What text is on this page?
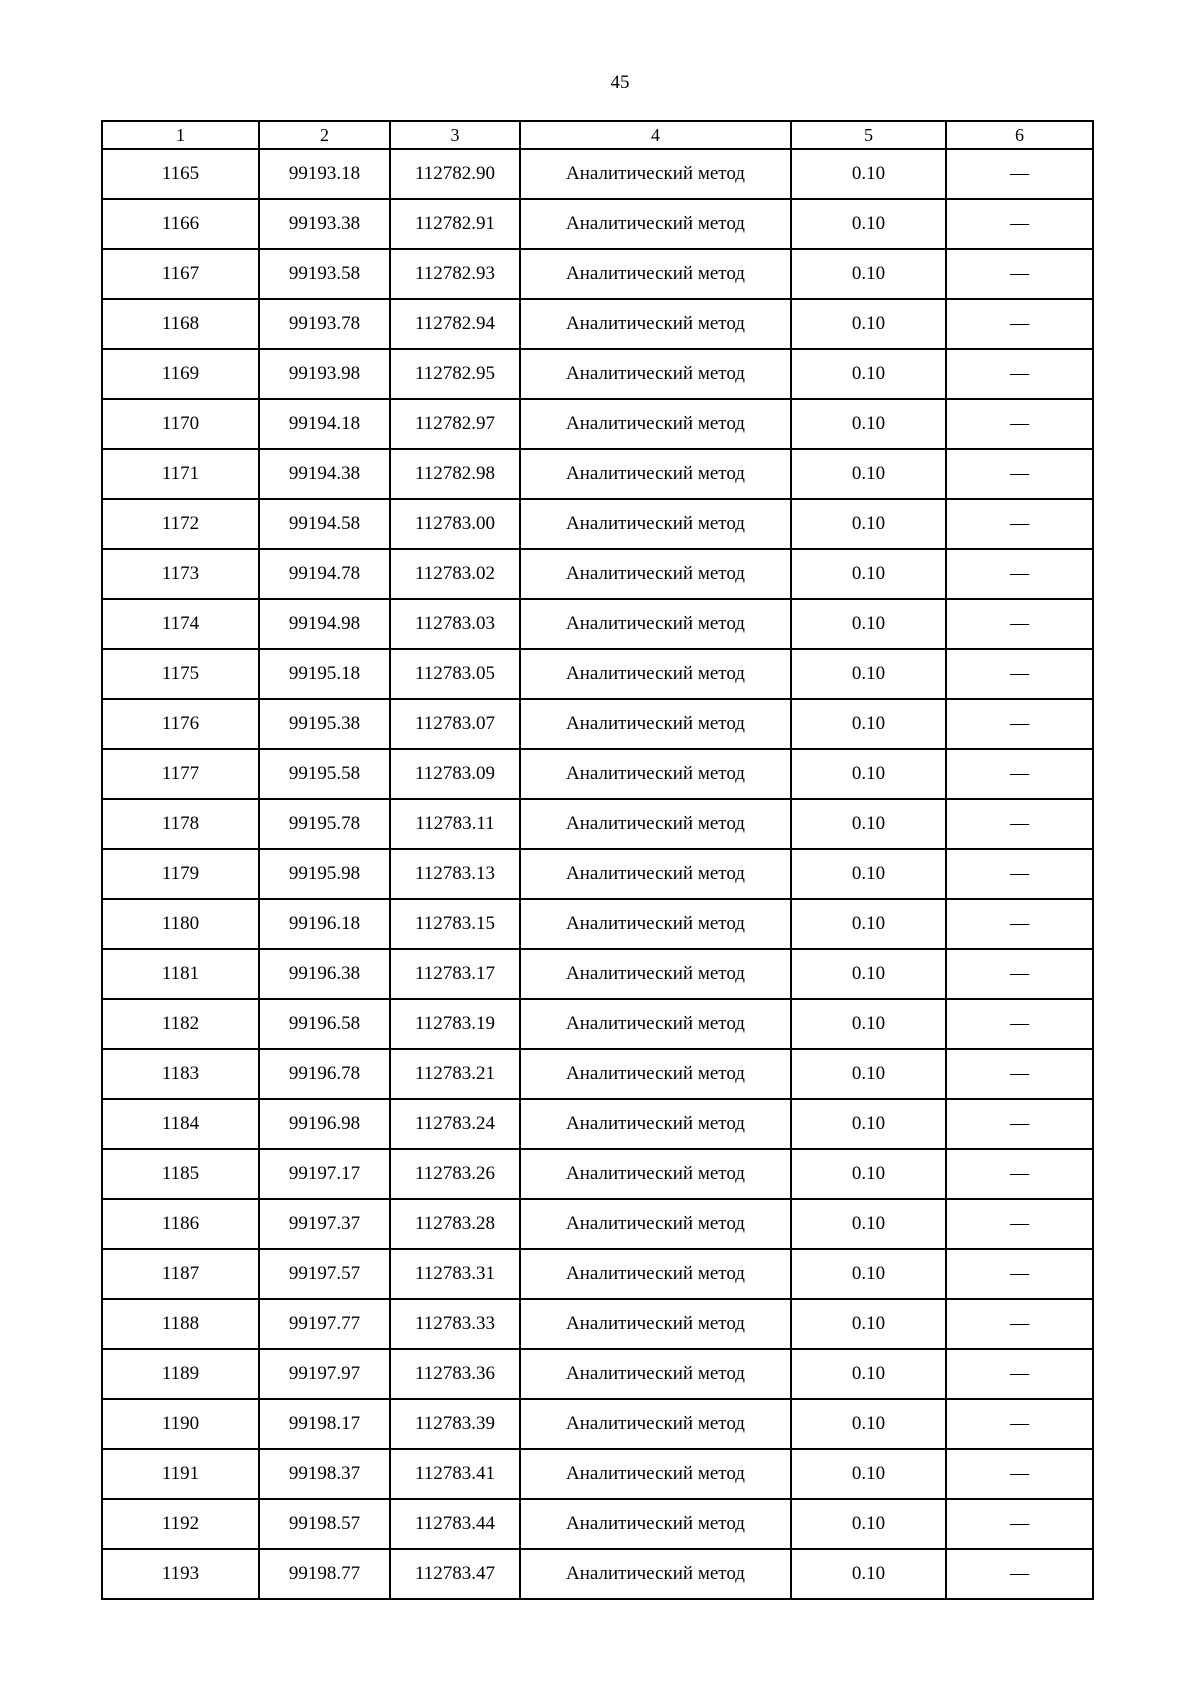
45
1	2	3	4	5	6
1165	99193.18	112782.90	Аналитический метод	0.10	—
1166	99193.38	112782.91	Аналитический метод	0.10	—
1167	99193.58	112782.93	Аналитический метод	0.10	—
1168	99193.78	112782.94	Аналитический метод	0.10	—
1169	99193.98	112782.95	Аналитический метод	0.10	—
1170	99194.18	112782.97	Аналитический метод	0.10	—
1171	99194.38	112782.98	Аналитический метод	0.10	—
1172	99194.58	112783.00	Аналитический метод	0.10	—
1173	99194.78	112783.02	Аналитический метод	0.10	—
1174	99194.98	112783.03	Аналитический метод	0.10	—
1175	99195.18	112783.05	Аналитический метод	0.10	—
1176	99195.38	112783.07	Аналитический метод	0.10	—
1177	99195.58	112783.09	Аналитический метод	0.10	—
1178	99195.78	112783.11	Аналитический метод	0.10	—
1179	99195.98	112783.13	Аналитический метод	0.10	—
1180	99196.18	112783.15	Аналитический метод	0.10	—
1181	99196.38	112783.17	Аналитический метод	0.10	—
1182	99196.58	112783.19	Аналитический метод	0.10	—
1183	99196.78	112783.21	Аналитический метод	0.10	—
1184	99196.98	112783.24	Аналитический метод	0.10	—
1185	99197.17	112783.26	Аналитический метод	0.10	—
1186	99197.37	112783.28	Аналитический метод	0.10	—
1187	99197.57	112783.31	Аналитический метод	0.10	—
1188	99197.77	112783.33	Аналитический метод	0.10	—
1189	99197.97	112783.36	Аналитический метод	0.10	—
1190	99198.17	112783.39	Аналитический метод	0.10	—
1191	99198.37	112783.41	Аналитический метод	0.10	—
1192	99198.57	112783.44	Аналитический метод	0.10	—
1193	99198.77	112783.47	Аналитический метод	0.10	—
